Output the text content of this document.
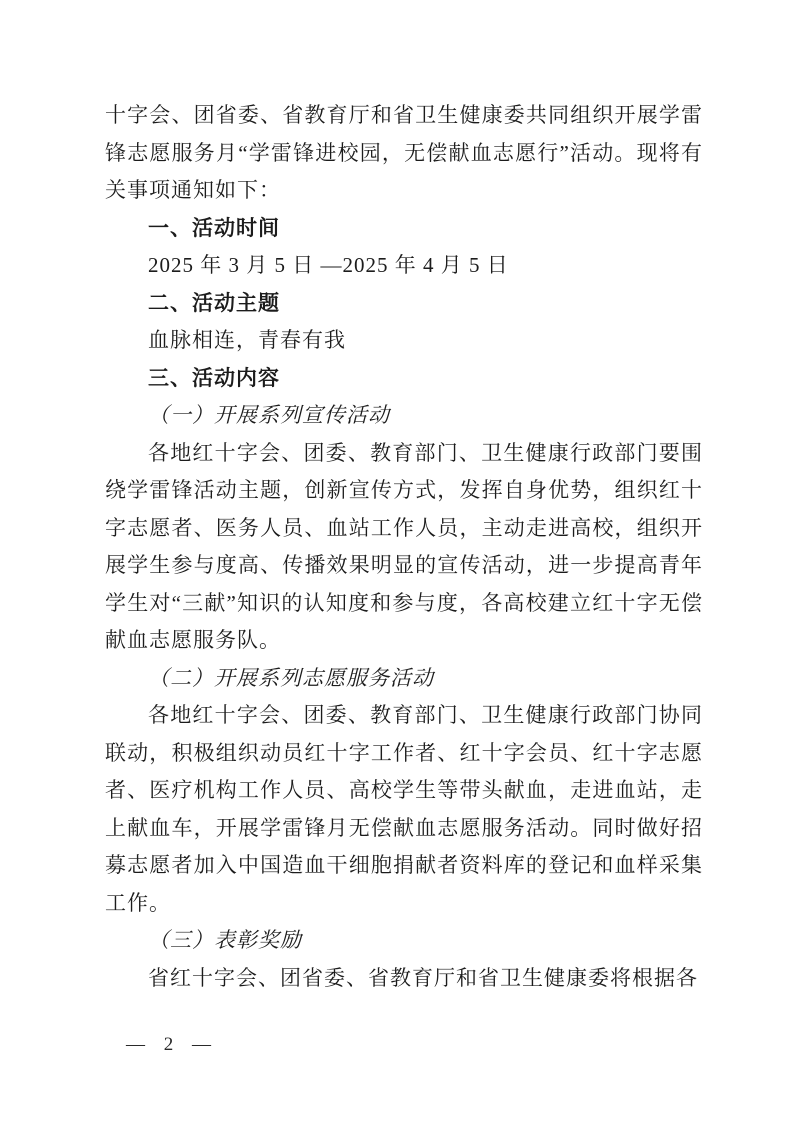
十字会、团省委、省教育厅和省卫生健康委共同组织开展学雷锋志愿服务月“学雷锋进校园，无偿献血志愿行”活动。现将有关事项通知如下：

一、活动时间

2025 年 3 月 5 日 —2025 年 4 月 5 日

二、活动主题

血脉相连，青春有我

三、活动内容

（一）开展系列宣传活动

各地红十字会、团委、教育部门、卫生健康行政部门要围绕学雷锋活动主题，创新宣传方式，发挥自身优势，组织红十字志愿者、医务人员、血站工作人员，主动走进高校，组织开展学生参与度高、传播效果明显的宣传活动，进一步提高青年学生对“三献”知识的认知度和参与度，各高校建立红十字无偿献血志愿服务队。

（二）开展系列志愿服务活动

各地红十字会、团委、教育部门、卫生健康行政部门协同联动，积极组织动员红十字工作者、红十字会员、红十字志愿者、医疗机构工作人员、高校学生等带头献血，走进血站，走上献血车，开展学雷锋月无偿献血志愿服务活动。同时做好招募志愿者加入中国造血干细胞捐献者资料库的登记和血样采集工作。

（三）表彰奖励

省红十字会、团省委、省教育厅和省卫生健康委将根据各

— 2 —
